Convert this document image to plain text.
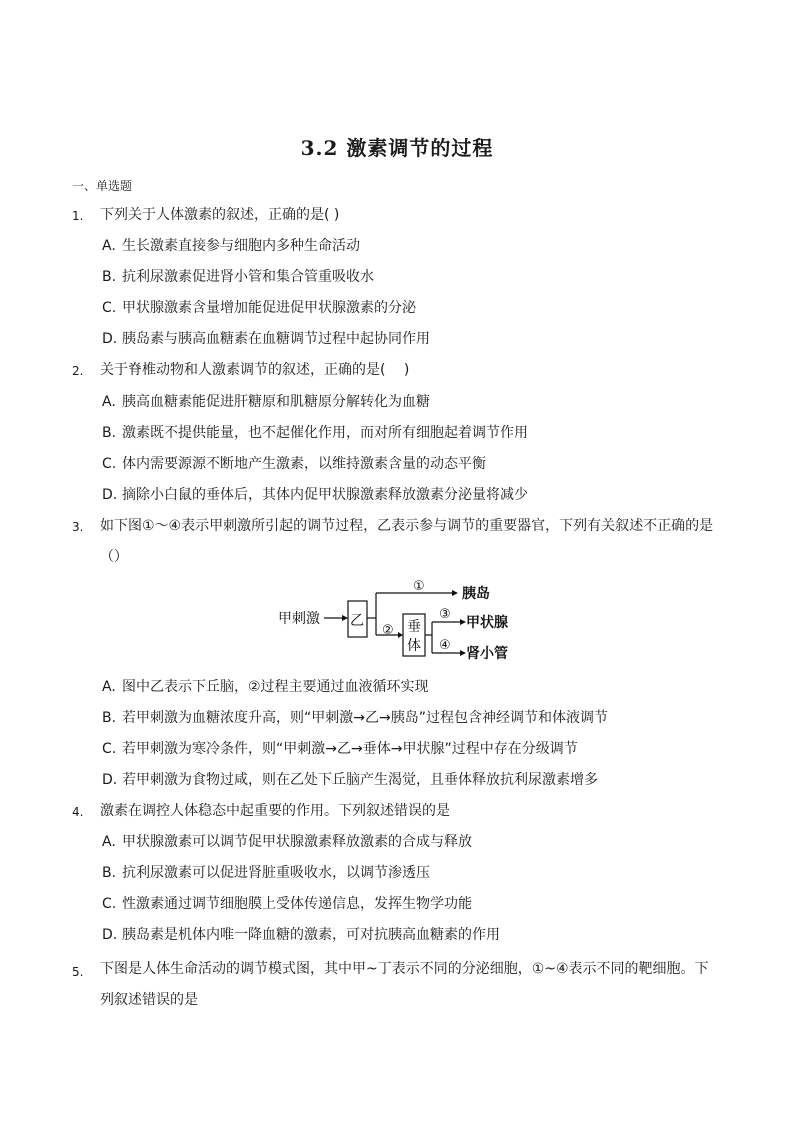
3.2 激素调节的过程
一、单选题
1. 下列关于人体激素的叙述，正确的是( )
A. 生长激素直接参与细胞内多种生命活动
B. 抗利尿激素促进肾小管和集合管重吸收水
C. 甲状腺激素含量增加能促进促甲状腺激素的分泌
D. 胰岛素与胰高血糖素在血糖调节过程中起协同作用
2. 关于脊椎动物和人激素调节的叙述，正确的是(　 )
A. 胰高血糖素能促进肝糖原和肌糖原分解转化为血糖
B. 激素既不提供能量，也不起催化作用，而对所有细胞起着调节作用
C. 体内需要源源不断地产生激素，以维持激素含量的动态平衡
D. 摘除小白鼠的垂体后，其体内促甲状腺激素释放激素分泌量将减少
3. 如下图①～④表示甲刺激所引起的调节过程，乙表示参与调节的重要器官，下列有关叙述不正确的是（）
甲刺激 乙
①	胰岛
② 垂
体
③
甲状腺
④
肾小管
A. 图中乙表示下丘脑，②过程主要通过血液循环实现
B. 若甲刺激为血糖浓度升高，则“甲刺激→乙→胰岛”过程包含神经调节和体液调节
C. 若甲刺激为寒冷条件，则“甲刺激→乙→垂体→甲状腺”过程中存在分级调节
D. 若甲刺激为食物过咸，则在乙处下丘脑产生渴觉，且垂体释放抗利尿激素增多
4. 激素在调控人体稳态中起重要的作用。下列叙述错误的是
A. 甲状腺激素可以调节促甲状腺激素释放激素的合成与释放
B. 抗利尿激素可以促进肾脏重吸收水，以调节渗透压
C. 性激素通过调节细胞膜上受体传递信息，发挥生物学功能
D. 胰岛素是机体内唯一降血糖的激素，可对抗胰高血糖素的作用
5. 下图是人体生命活动的调节模式图，其中甲~丁表示不同的分泌细胞，①~④表示不同的靶细胞。下列叙述错误的是
